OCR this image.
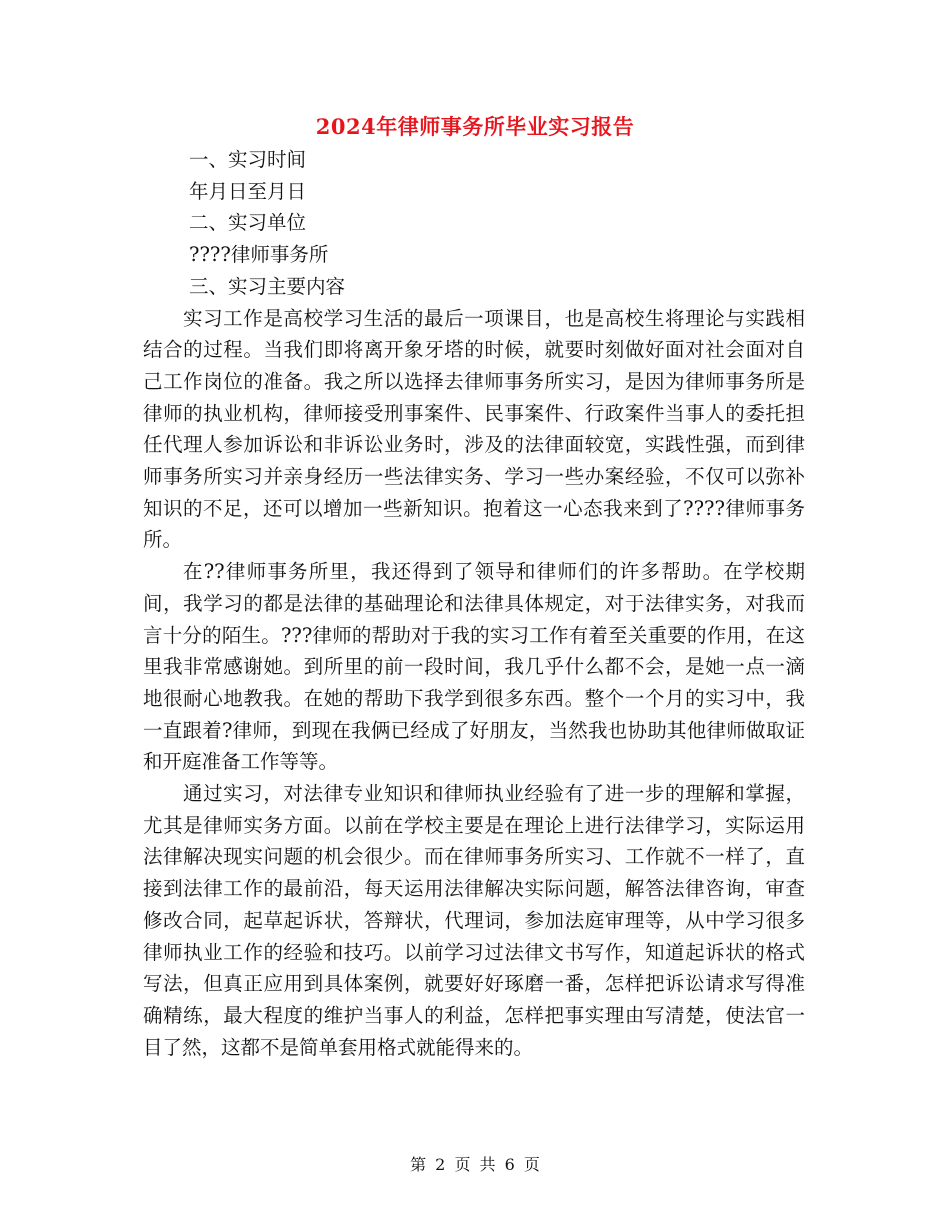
2024年律师事务所毕业实习报告

一、实习时间

年月日至月日

二、实习单位

????律师事务所

三、实习主要内容

实习工作是高校学习生活的最后一项课目，也是高校生将理论与实践相结合的过程。当我们即将离开象牙塔的时候，就要时刻做好面对社会面对自己工作岗位的准备。我之所以选择去律师事务所实习，是因为律师事务所是律师的执业机构，律师接受刑事案件、民事案件、行政案件当事人的委托担任代理人参加诉讼和非诉讼业务时，涉及的法律面较宽，实践性强，而到律师事务所实习并亲身经历一些法律实务、学习一些办案经验，不仅可以弥补知识的不足，还可以增加一些新知识。抱着这一心态我来到了????律师事务所。

在??律师事务所里，我还得到了领导和律师们的许多帮助。在学校期间，我学习的都是法律的基础理论和法律具体规定，对于法律实务，对我而言十分的陌生。???律师的帮助对于我的实习工作有着至关重要的作用，在这里我非常感谢她。到所里的前一段时间，我几乎什么都不会，是她一点一滴地很耐心地教我。在她的帮助下我学到很多东西。整个一个月的实习中，我一直跟着?律师，到现在我俩已经成了好朋友，当然我也协助其他律师做取证和开庭准备工作等等。

通过实习，对法律专业知识和律师执业经验有了进一步的理解和掌握，尤其是律师实务方面。以前在学校主要是在理论上进行法律学习，实际运用法律解决现实问题的机会很少。而在律师事务所实习、工作就不一样了，直接到法律工作的最前沿，每天运用法律解决实际问题，解答法律咨询，审查修改合同，起草起诉状，答辩状，代理词，参加法庭审理等，从中学习很多律师执业工作的经验和技巧。以前学习过法律文书写作，知道起诉状的格式写法，但真正应用到具体案例，就要好好琢磨一番，怎样把诉讼请求写得准确精练，最大程度的维护当事人的利益，怎样把事实理由写清楚，使法官一目了然，这都不是简单套用格式就能得来的。

第 2 页 共 6 页
